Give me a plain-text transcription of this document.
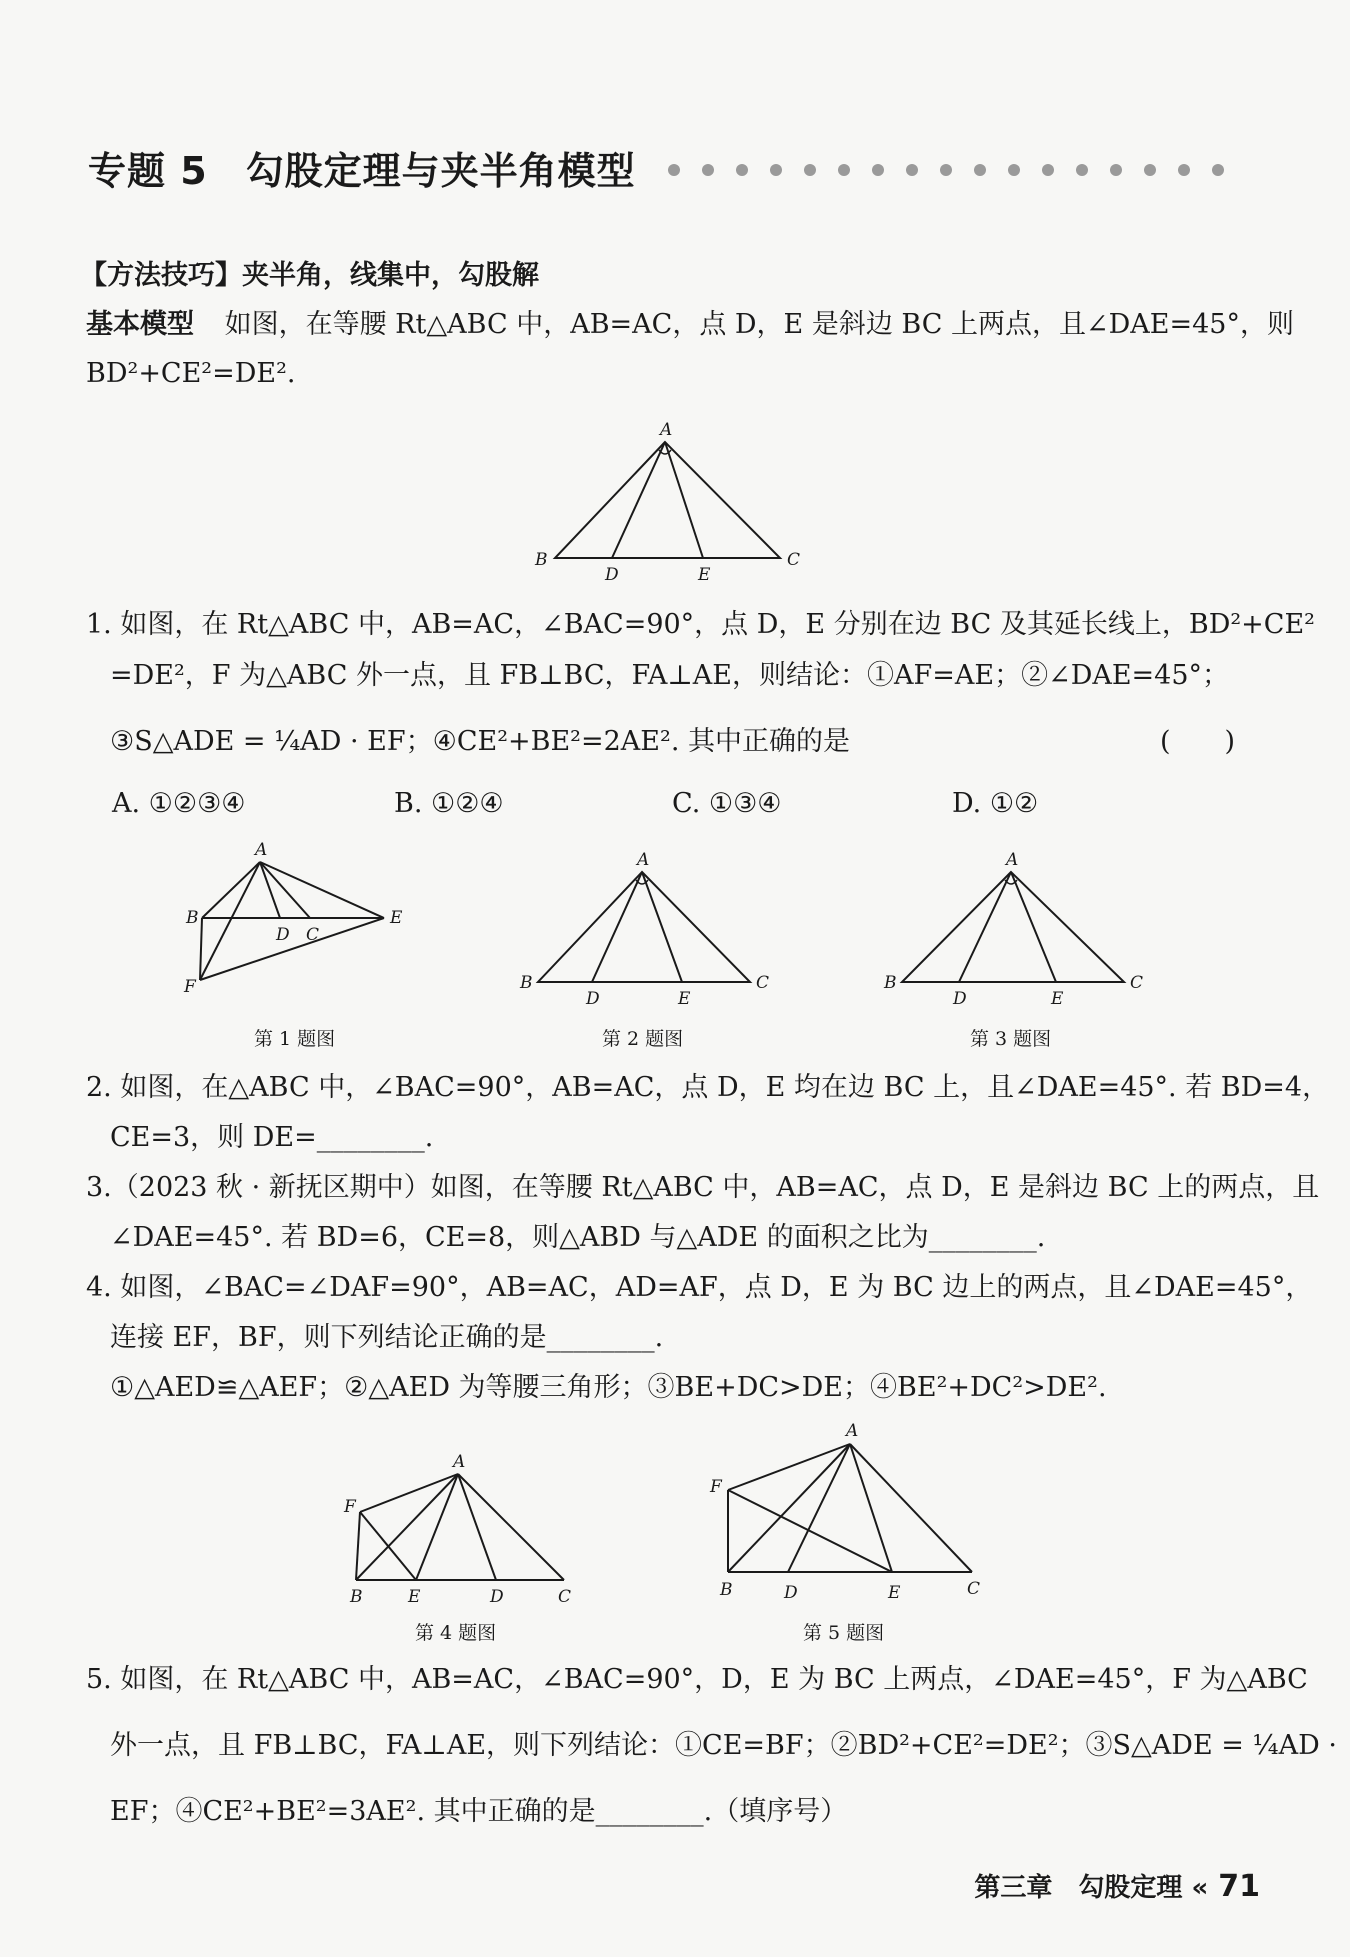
专题 5 勾股定理与夹半角模型
【方法技巧】夹半角，线集中，勾股解
基本模型 如图，在等腰 Rt△ABC 中，AB=AC，点 D，E 是斜边 BC 上两点，且∠DAE=45°，则
BD²+CE²=DE².
A
B	C
D	E
1. 如图，在 Rt△ABC 中，AB=AC，∠BAC=90°，点 D，E 分别在边 BC 及其延长线上，BD²+CE²
=DE²，F 为△ABC 外一点，且 FB⊥BC，FA⊥AE，则结论：①AF=AE；②∠DAE=45°；
③S△ADE = ¼AD · EF；④CE²+BE²=2AE². 其中正确的是	(　　)
A. ①②③④	B. ①②④	C. ①③④	D. ①②
A
B
D C
E
F
第 1 题图
A
B	C
D	E
第 2 题图
A
B	C
D	E
第 3 题图
2. 如图，在△ABC 中，∠BAC=90°，AB=AC，点 D，E 均在边 BC 上，且∠DAE=45°. 若 BD=4，
CE=3，则 DE=________.
3.（2023 秋 · 新抚区期中）如图，在等腰 Rt△ABC 中，AB=AC，点 D，E 是斜边 BC 上的两点，且
∠DAE=45°. 若 BD=6，CE=8，则△ABD 与△ADE 的面积之比为________.
4. 如图，∠BAC=∠DAF=90°，AB=AC，AD=AF，点 D，E 为 BC 边上的两点，且∠DAE=45°，
连接 EF，BF，则下列结论正确的是________.
①△AED≌△AEF；②△AED 为等腰三角形；③BE+DC>DE；④BE²+DC²>DE².
A
F
B	E	D	C
第 4 题图
A
F
B	D	E	C
第 5 题图
5. 如图，在 Rt△ABC 中，AB=AC，∠BAC=90°，D，E 为 BC 上两点，∠DAE=45°，F 为△ABC
外一点，且 FB⊥BC，FA⊥AE，则下列结论：①CE=BF；②BD²+CE²=DE²；③S△ADE = ¼AD ·
EF；④CE²+BE²=3AE². 其中正确的是________.（填序号）
第三章　勾股定理 « 71
